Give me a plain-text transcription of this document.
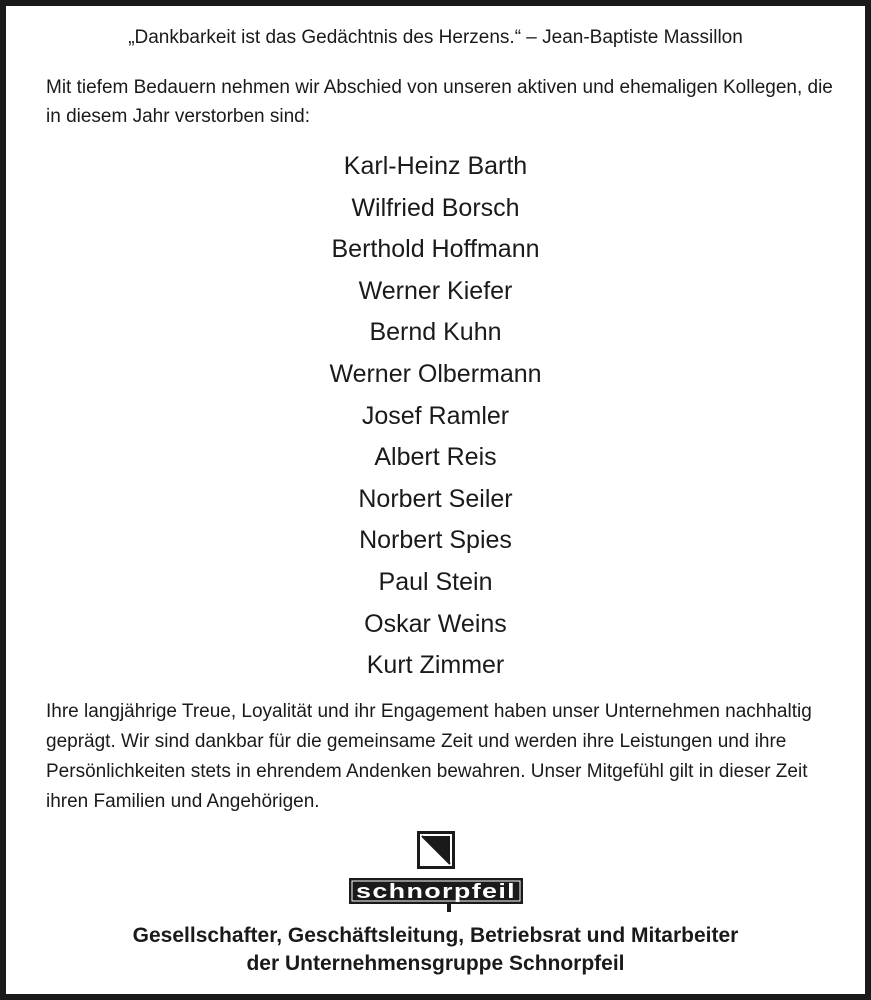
„Dankbarkeit ist das Gedächtnis des Herzens.“ – Jean-Baptiste Massillon
Mit tiefem Bedauern nehmen wir Abschied von unseren aktiven und ehemaligen Kollegen, die in diesem Jahr verstorben sind:
Karl-Heinz Barth
Wilfried Borsch
Berthold Hoffmann
Werner Kiefer
Bernd Kuhn
Werner Olbermann
Josef Ramler
Albert Reis
Norbert Seiler
Norbert Spies
Paul Stein
Oskar Weins
Kurt Zimmer
Ihre langjährige Treue, Loyalität und ihr Engagement haben unser Unternehmen nachhaltig geprägt. Wir sind dankbar für die gemeinsame Zeit und werden ihre Leistungen und ihre Persönlichkeiten stets in ehrendem Andenken bewahren. Unser Mitgefühl gilt in dieser Zeit ihren Familien und Angehörigen.
schnorpfeil
Gesellschafter, Geschäftsleitung, Betriebsrat und Mitarbeiter
der Unternehmensgruppe Schnorpfeil
